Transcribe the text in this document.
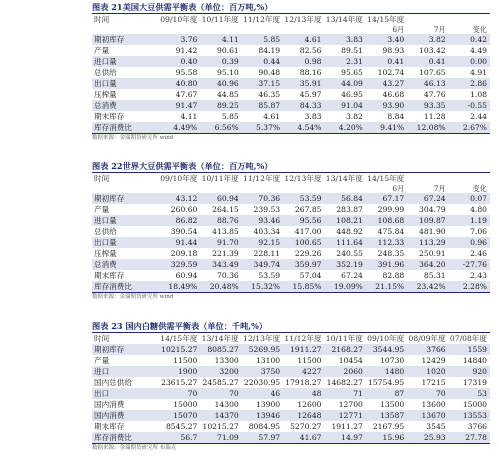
图表 21美国大豆供需平衡表（单位：百万吨,%）
时间	09/10年度 10/11年度 11/12年度 12/13年度 13/14年度 14/15年度
6月	7月	变化
期初库存	3.76	4.11	5.85	4.61	3.83	3.40	3.82	0.42
产量	91.42	90.61	84.19	82.56	89.51	98.93	103.42	4.49
进口量	0.40	0.39	0.44	0.98	2.31	0.41	0.41	0.00
总供给	95.58	95.10	90.48	88.16	95.65	102.74	107.65	4.91
出口量	40.80	40.96	37.15	35.91	44.09	43.27	46.13	2.86
压榨量	47.67	44.85	46.35	45.97	46.95	46.68	47.76	1.08
总消费	91.47	89.25	85.87	84.33	91.04	93.90	93.35	-0.55
期末库存	4.11	5.85	4.61	3.83	3.82	8.84	11.28	2.44
库存消费比	4.49%	6.56%	5.37%	4.54%	4.20%	9.41%	12.08%	2.67%
数据来源：金瑞期货研究所 wind
图表 22世界大豆供需平衡表（单位：百万吨,%）
时间	09/10年度 10/11年度 11/12年度 12/13年度 13/14年度 14/15年度
6月	7月	变化
期初库存	43.12	60.94	70.36	53.59	56.84	67.17	67.24	0.07
产量	260.60	264.15	239.53	267.85	283.87	299.99	304.79	4.80
进口量	86.82	88.76	93.46	95.56	108.21	108.68	109.87	1.19
总供给	390.54	413.85	403.34	417.00	448.92	475.84	481.90	7.06
出口量	91.44	91.70	92.15	100.65	111.64	112.33	113.29	0.96
压榨量	209.18	221.39	228.11	229.26	240.55	248.35	250.91	2.46
总消费	329.59	343.49	349.74	359.97	352.19	391.96	364.20	-27.76
期末库存	60.94	70.36	53.59	57.04	67.24	82.88	85.31	2.43
库存消费比	18.49%	20.48%	15.32%	15.85%	19.09%	21.15%	23.42%	2.28%
数据来源：金瑞期货研究所 wind
图表 23 国内白糖供需平衡表（单位：千吨,%）
时间	14/15年度 13/14年度 12/13年度 11/12年度 10/11年度 09/10年度 08/09年度 07/08年度
期初库存	10215.27	8085.27	5269.95	1911.27	2168.27	3544.95	3766	1559
产量	11500	13300	13100	11500	10454	10730	12429	14840
进口	1900	3200	3750	4227	2060	1480	1020	920
国内总供给	23615.27 24585.27 22030.95 17918.27 14682.27 15754.95	17215	17319
出口	70	70	46	48	71	87	70	53
国内消费	15000	14300	13900	12600	12700	13500	13600	15000
国内消费	15070	14370	13946	12648	12771	13587	13670	13553
期末库存	8545.27 10215.27	8084.95	5270.27	1911.27	2167.95	3545	3766
库存消费比	56.7	71.09	57.97	41.67	14.97	15.96	25.93	27.78
数据来源：金瑞期货研究所 布瑞克
